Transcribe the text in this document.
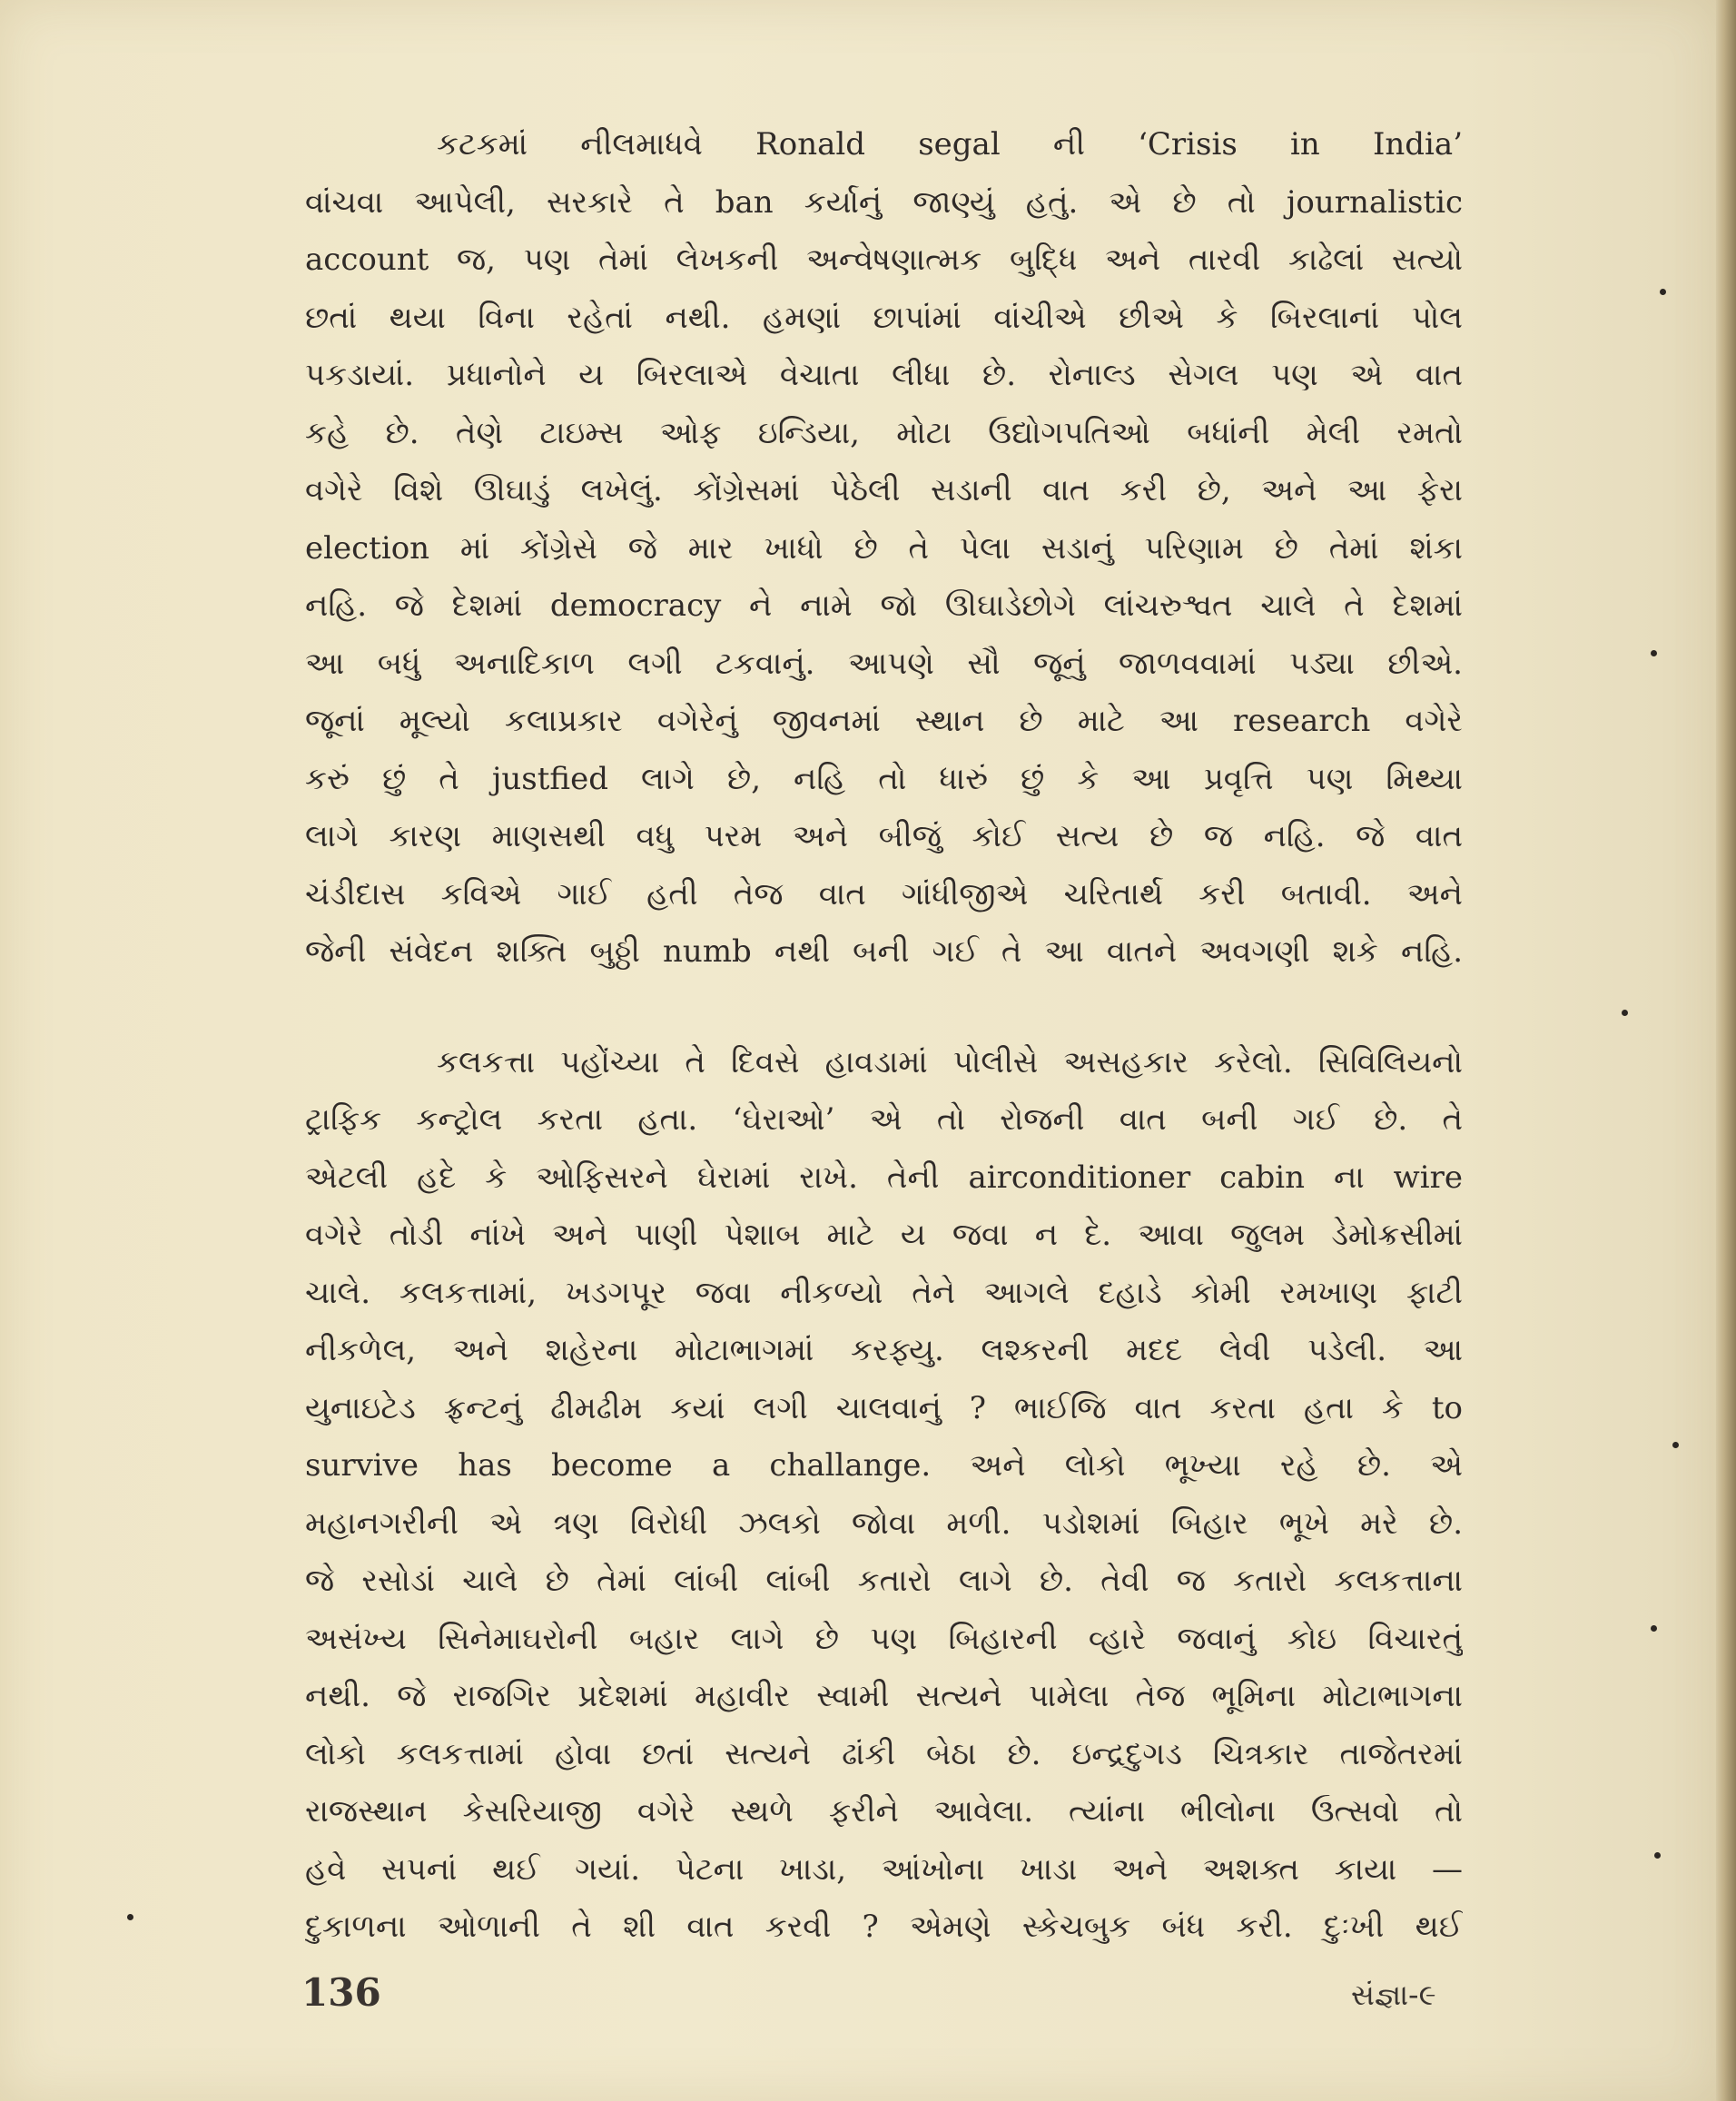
કટકમાં નીલમાધવે Ronald segal ની ‘Crisis in India’
વાંચવા આપેલી, સરકારે તે ban કર્યાનું જાણ્યું હતું. એ છે તો journalistic
account જ, પણ તેમાં લેખકની અન્વેષણાત્મક બુદ્ધિ અને તારવી કાઢેલાં સત્યો
છતાં થયા વિના રહેતાં નથી. હમણાં છાપાંમાં વાંચીએ છીએ કે બિરલાનાં પોલ
પકડાયાં. પ્રધાનોને ય બિરલાએ વેચાતા લીધા છે. રોનાલ્ડ સેગલ પણ એ વાત
કહે છે. તેણે ટાઇમ્સ ઓફ ઇન્ડિયા, મોટા ઉદ્યોગપતિઓ બધાંની મેલી રમતો
વગેરે વિશે ઊઘાડું લખેલું. કોંગ્રેસમાં પેઠેલી સડાની વાત કરી છે, અને આ ફેરા
election માં કોંગ્રેસે જે માર ખાધો છે તે પેલા સડાનું પરિણામ છે તેમાં શંકા
નહિ. જે દેશમાં democracy ને નામે જો ઊઘાડેછોગે લાંચરુશ્વત ચાલે તે દેશમાં
આ બધું અનાદિકાળ લગી ટકવાનું. આપણે સૌ જૂનું જાળવવામાં પડ્યા છીએ.
જૂનાં મૂલ્યો કલાપ્રકાર વગેરેનું જીવનમાં સ્થાન છે માટે આ research વગેરે
કરું છું તે justfied લાગે છે, નહિ તો ધારું છું કે આ પ્રવૃત્તિ પણ મિથ્યા
લાગે કારણ માણસથી વધુ પરમ અને બીજું કોઈ સત્ય છે જ નહિ. જે વાત
ચંડીદાસ કવિએ ગાઈ હતી તેજ વાત ગાંધીજીએ ચરિતાર્થ કરી બતાવી. અને
જેની સંવેદન શક્તિ બુઠ્ઠી numb નથી બની ગઈ તે આ વાતને અવગણી શકે નહિ.

કલકત્તા પહોંચ્યા તે દિવસે હાવડામાં પોલીસે અસહકાર કરેલો. સિવિલિયનો
ટ્રાફિક કન્ટ્રોલ કરતા હતા. ‘ઘેરાઓ’ એ તો રોજની વાત બની ગઈ છે. તે
એટલી હદે કે ઓફિસરને ઘેરામાં રાખે. તેની airconditioner cabin ના wire
વગેરે તોડી નાંખે અને પાણી પેશાબ માટે ય જવા ન દે. આવા જુલમ ડેમોક્રસીમાં
ચાલે. કલકત્તામાં, ખડગપૂર જવા નીકળ્યો તેને આગલે દહાડે કોમી રમખાણ ફાટી
નીકળેલ, અને શહેરના મોટાભાગમાં કરફ્યુ. લશ્કરની મદદ લેવી પડેલી. આ
યુનાઇટેડ ફ્રન્ટનું ઢીમઢીમ કયાં લગી ચાલવાનું ? ભાઈજિ વાત કરતા હતા કે to
survive has become a challange. અને લોકો ભૂખ્યા રહે છે. એ
મહાનગરીની એ ત્રણ વિરોધી ઝલકો જોવા મળી. પડોશમાં બિહાર ભૂખે મરે છે.
જે રસોડાં ચાલે છે તેમાં લાંબી લાંબી કતારો લાગે છે. તેવી જ કતારો કલકત્તાના
અસંખ્ય સિનેમાઘરોની બહાર લાગે છે પણ બિહારની વ્હારે જવાનું કોઇ વિચારતું
નથી. જે રાજગિર પ્રદેશમાં મહાવીર સ્વામી સત્યને પામેલા તેજ ભૂમિના મોટાભાગના
લોકો કલકત્તામાં હોવા છતાં સત્યને ઢાંકી બેઠા છે. ઇન્દ્રદુગડ ચિત્રકાર તાજેતરમાં
રાજસ્થાન કેસરિયાજી વગેરે સ્થળે ફરીને આવેલા. ત્યાંના ભીલોના ઉત્સવો તો
હવે સપનાં થઈ ગયાં. પેટના ખાડા, આંખોના ખાડા અને અશક્ત કાયા —
દુકાળના ઓળાની તે શી વાત કરવી ? એમણે સ્કેચબુક બંધ કરી. દુઃખી થઈ

136	સંજ્ઞા-૯
